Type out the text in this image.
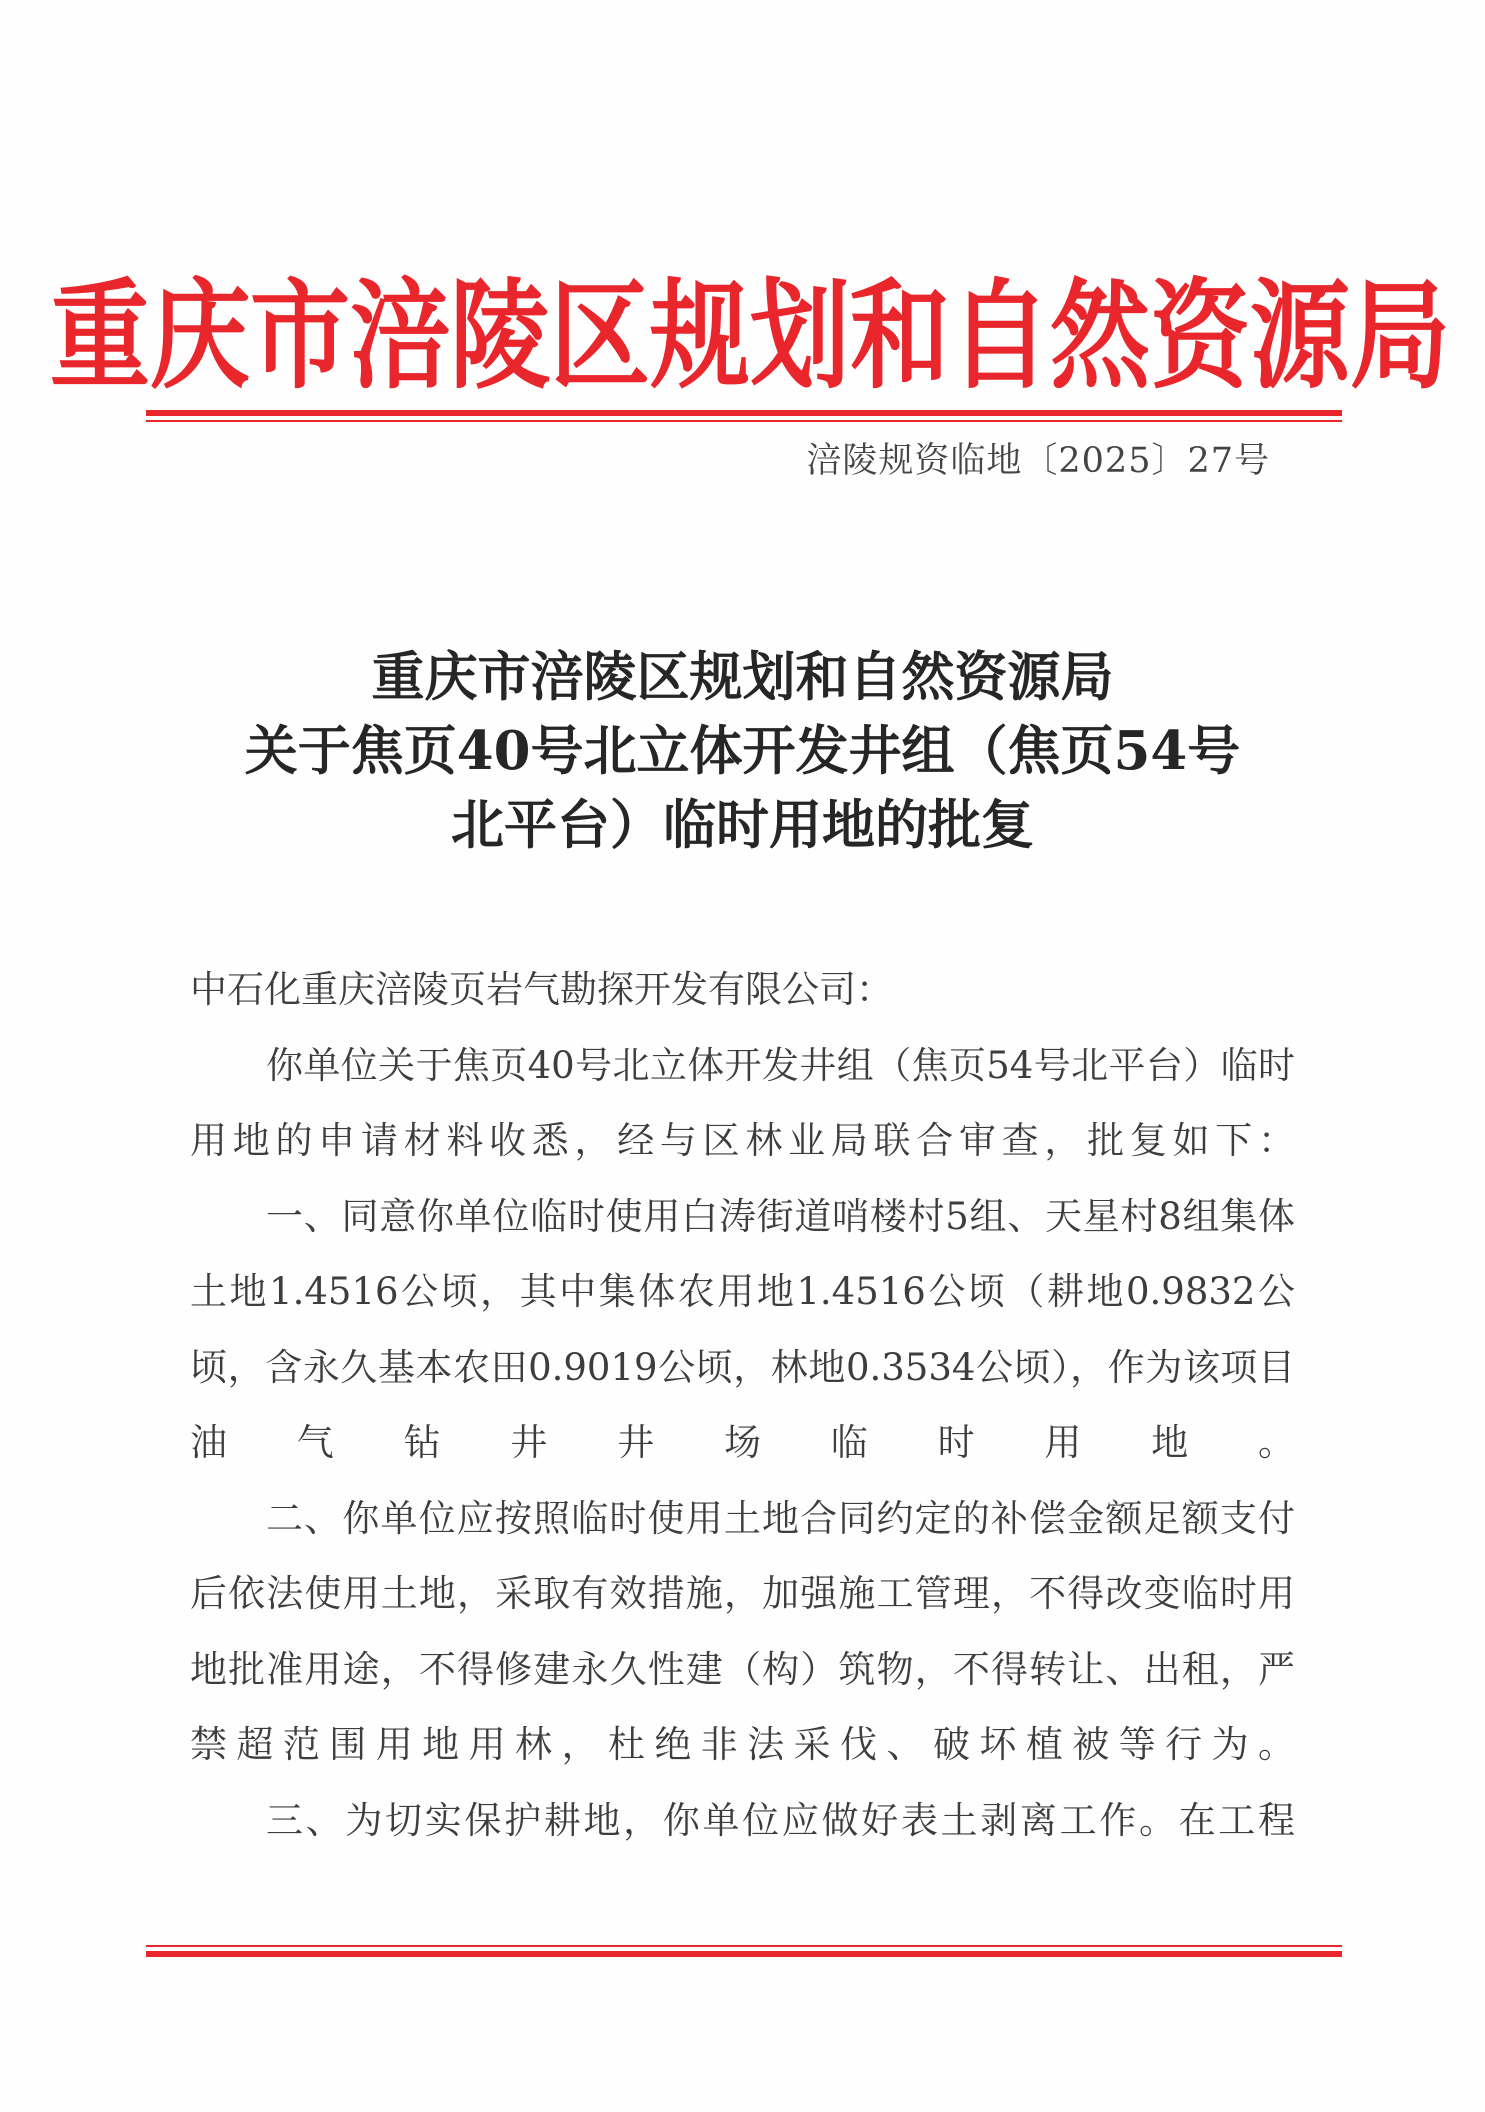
重庆市涪陵区规划和自然资源局
涪陵规资临地〔2025〕27号
重庆市涪陵区规划和自然资源局
关于焦页40号北立体开发井组（焦页54号
北平台）临时用地的批复

中石化重庆涪陵页岩气勘探开发有限公司：

你单位关于焦页40号北立体开发井组（焦页54号北平台）临时用地的申请材料收悉，经与区林业局联合审查，批复如下：

一、同意你单位临时使用白涛街道哨楼村5组、天星村8组集体土地1.4516公顷，其中集体农用地1.4516公顷（耕地0.9832公顷，含永久基本农田0.9019公顷，林地0.3534公顷），作为该项目油气钻井井场临时用地。

二、你单位应按照临时使用土地合同约定的补偿金额足额支付后依法使用土地，采取有效措施，加强施工管理，不得改变临时用地批准用途，不得修建永久性建（构）筑物，不得转让、出租，严禁超范围用地用林，杜绝非法采伐、破坏植被等行为。

三、为切实保护耕地，你单位应做好表土剥离工作。在工程
